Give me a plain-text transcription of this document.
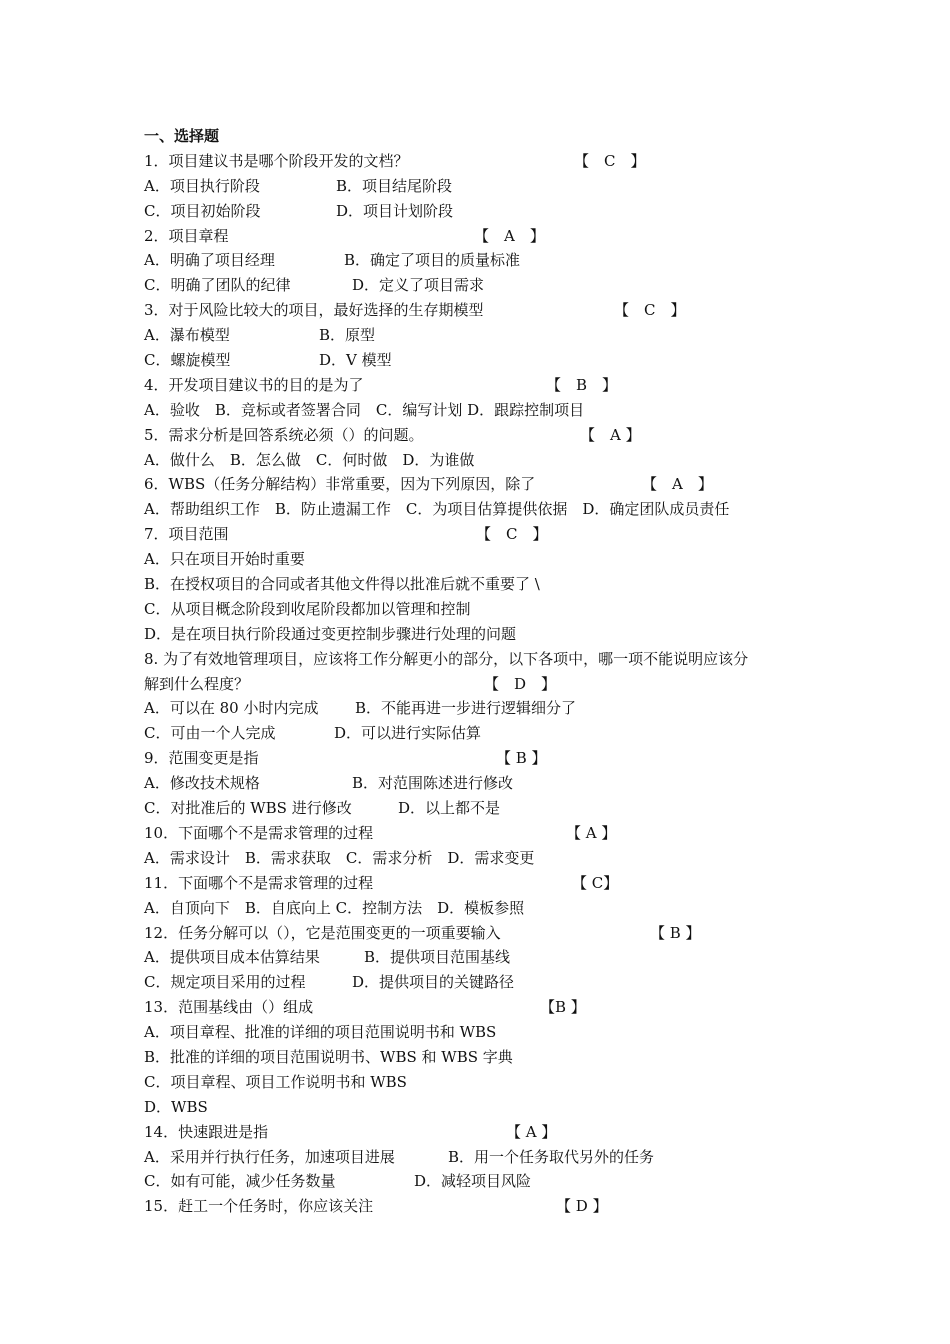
一、选择题
1．项目建议书是哪个阶段开发的文档？	【　C　】
A．项目执行阶段	B．项目结尾阶段
C．项目初始阶段	D．项目计划阶段
2．项目章程	【　A　】
A．明确了项目经理	B．确定了项目的质量标准
C．明确了团队的纪律	D．定义了项目需求
3．对于风险比较大的项目，最好选择的生存期模型	【　C　】
A．瀑布模型	B．原型
C．螺旋模型	D．V 模型
4．开发项目建议书的目的是为了	【　B　】
A．验收　B．竞标或者签署合同　C．编写计划 D．跟踪控制项目
5．需求分析是回答系统必须（）的问题。	【　A 】
A．做什么　B．怎么做　C．何时做　D．为谁做
6．WBS（任务分解结构）非常重要，因为下列原因，除了	【　A　】
A．帮助组织工作　B．防止遗漏工作　C．为项目估算提供依据　D．确定团队成员责任
7．项目范围	【　C　】
A．只在项目开始时重要
B．在授权项目的合同或者其他文件得以批准后就不重要了 \
C．从项目概念阶段到收尾阶段都加以管理和控制
D．是在项目执行阶段通过变更控制步骤进行处理的问题
8. 为了有效地管理项目，应该将工作分解更小的部分，以下各项中，哪一项不能说明应该分
解到什么程度？	【　D　】
A．可以在 80 小时内完成 B．不能再进一步进行逻辑细分了
C．可由一个人完成	D．可以进行实际估算
9．范围变更是指	【 B 】
A．修改技术规格	B．对范围陈述进行修改
C．对批准后的 WBS 进行修改	D．以上都不是
10．下面哪个不是需求管理的过程	【 A 】
A．需求设计　B．需求获取　C．需求分析　D．需求变更
11．下面哪个不是需求管理的过程	【 C】
A．自顶向下　B．自底向上 C．控制方法　D．模板参照
12．任务分解可以（），它是范围变更的一项重要输入	【 B 】
A．提供项目成本估算结果	B．提供项目范围基线
C．规定项目采用的过程	D．提供项目的关键路径
13．范围基线由（）组成	【B 】
A．项目章程、批准的详细的项目范围说明书和 WBS
B．批准的详细的项目范围说明书、WBS 和 WBS 字典
C．项目章程、项目工作说明书和 WBS
D．WBS
14．快速跟进是指	【 A 】
A．采用并行执行任务，加速项目进展	B．用一个任务取代另外的任务
C．如有可能，减少任务数量	D．减轻项目风险
15．赶工一个任务时，你应该关注	【 D 】
